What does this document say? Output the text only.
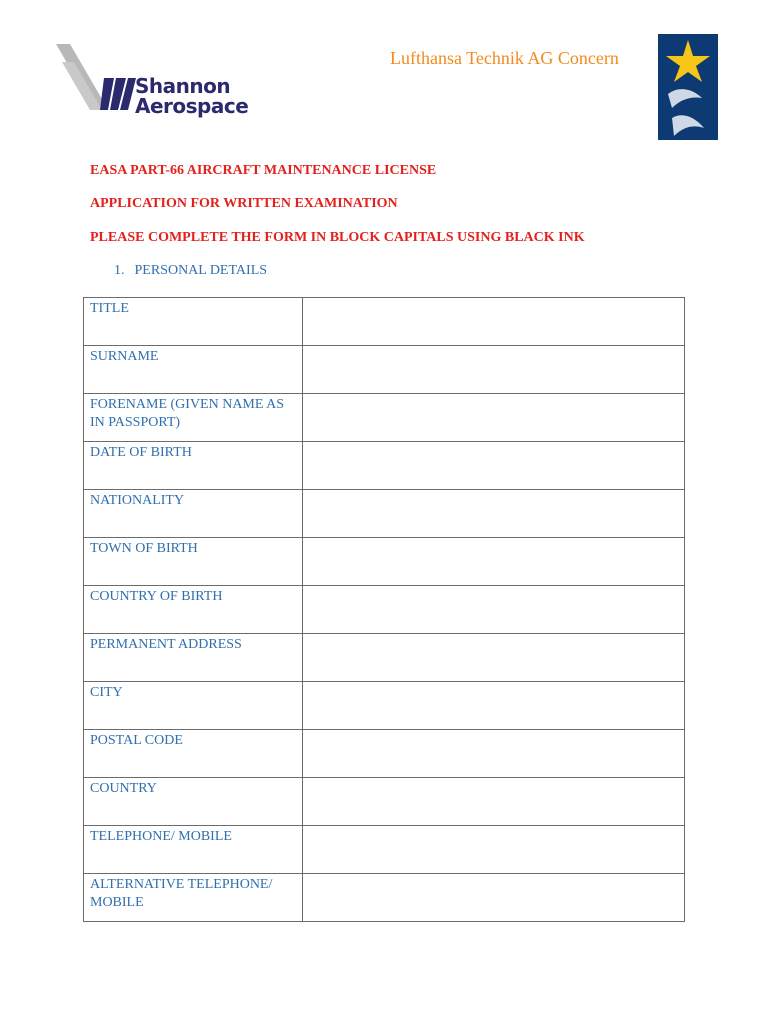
Shannon
Aerospace
Lufthansa Technik AG Concern
EASA PART-66 AIRCRAFT MAINTENANCE LICENSE
APPLICATION FOR WRITTEN EXAMINATION
PLEASE COMPLETE THE FORM IN BLOCK CAPITALS USING BLACK INK
1. PERSONAL DETAILS
TITLE	
SURNAME	
FORENAME (GIVEN NAME AS IN PASSPORT)	
DATE OF BIRTH	
NATIONALITY	
TOWN OF BIRTH	
COUNTRY OF BIRTH	
PERMANENT ADDRESS	
CITY	
POSTAL CODE	
COUNTRY	
TELEPHONE/ MOBILE	
ALTERNATIVE TELEPHONE/ MOBILE	
